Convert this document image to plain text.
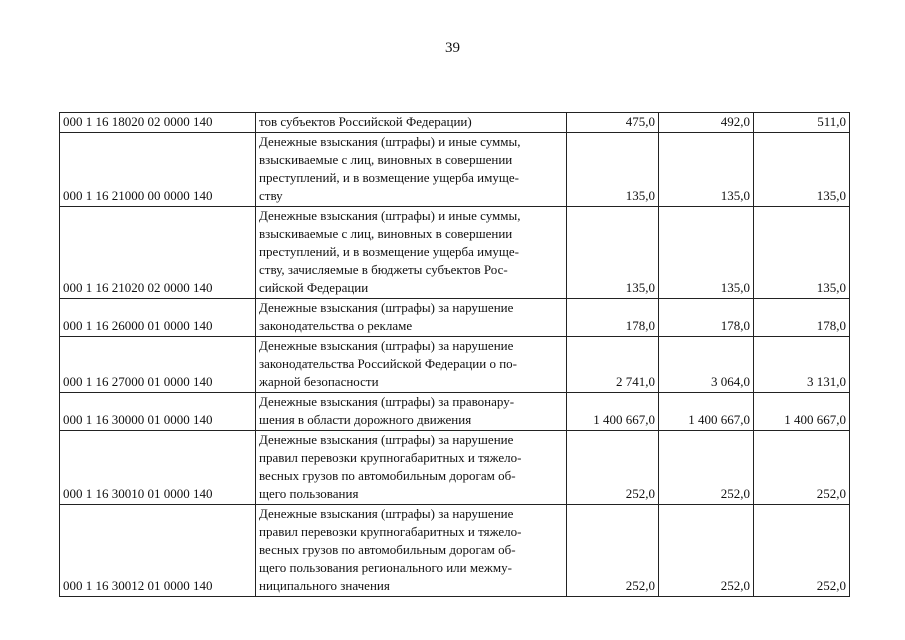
39
000 1 16 18020 02 0000 140	тов субъектов Российской Федерации)	475,0	492,0	511,0
000 1 16 21000 00 0000 140	Денежные взыскания (штрафы) и иные суммы,
взыскиваемые с лиц, виновных в совершении
преступлений, и в возмещение ущерба имуще-
ству	135,0	135,0	135,0
000 1 16 21020 02 0000 140	Денежные взыскания (штрафы) и иные суммы,
взыскиваемые с лиц, виновных в совершении
преступлений, и в возмещение ущерба имуще-
ству, зачисляемые в бюджеты субъектов Рос-
сийской Федерации	135,0	135,0	135,0
000 1 16 26000 01 0000 140	Денежные взыскания (штрафы) за нарушение
законодательства о рекламе	178,0	178,0	178,0
000 1 16 27000 01 0000 140	Денежные взыскания (штрафы) за нарушение
законодательства Российской Федерации о по-
жарной безопасности	2 741,0	3 064,0	3 131,0
000 1 16 30000 01 0000 140	Денежные взыскания (штрафы) за правонару-
шения в области дорожного движения	1 400 667,0	1 400 667,0	1 400 667,0
000 1 16 30010 01 0000 140	Денежные взыскания (штрафы) за нарушение
правил перевозки крупногабаритных и тяжело-
весных грузов по автомобильным дорогам об-
щего пользования	252,0	252,0	252,0
000 1 16 30012 01 0000 140	Денежные взыскания (штрафы) за нарушение
правил перевозки крупногабаритных и тяжело-
весных грузов по автомобильным дорогам об-
щего пользования регионального или межму-
ниципального значения	252,0	252,0	252,0
